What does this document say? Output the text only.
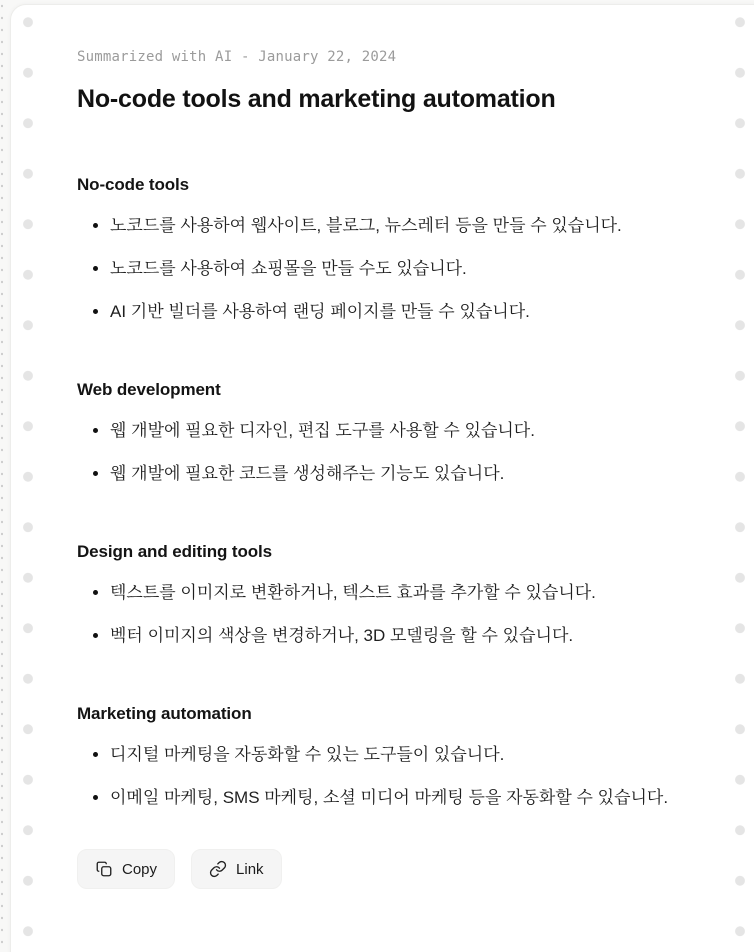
Summarized with AI - January 22, 2024
No-code tools and marketing automation
No-code tools
노코드를 사용하여 웹사이트, 블로그, 뉴스레터 등을 만들 수 있습니다.
노코드를 사용하여 쇼핑몰을 만들 수도 있습니다.
AI 기반 빌더를 사용하여 랜딩 페이지를 만들 수 있습니다.
Web development
웹 개발에 필요한 디자인, 편집 도구를 사용할 수 있습니다.
웹 개발에 필요한 코드를 생성해주는 기능도 있습니다.
Design and editing tools
텍스트를 이미지로 변환하거나, 텍스트 효과를 추가할 수 있습니다.
벡터 이미지의 색상을 변경하거나, 3D 모델링을 할 수 있습니다.
Marketing automation
디지털 마케팅을 자동화할 수 있는 도구들이 있습니다.
이메일 마케팅, SMS 마케팅, 소셜 미디어 마케팅 등을 자동화할 수 있습니다.
Copy	Link
